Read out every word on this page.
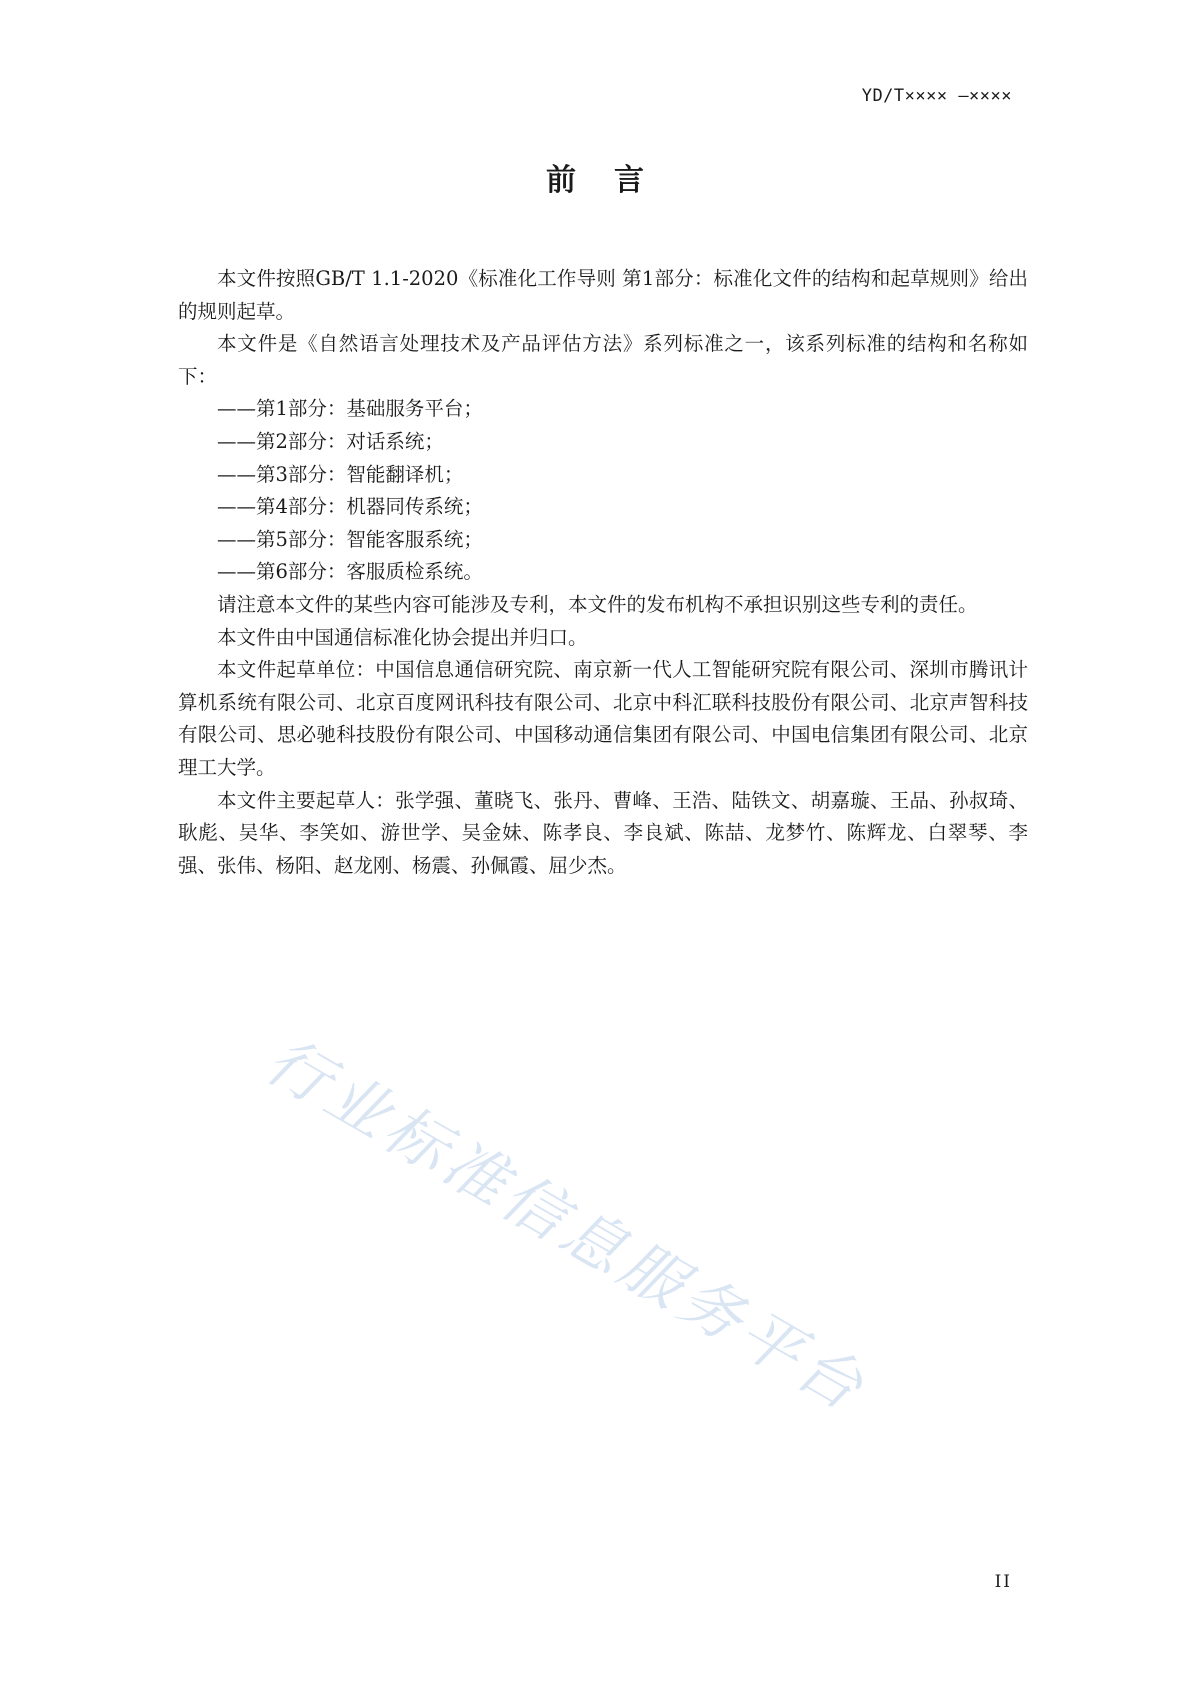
YD/T×××× —××××
前 言

本文件按照GB/T 1.1-2020《标准化工作导则 第1部分：标准化文件的结构和起草规则》给出的规则起草。

本文件是《自然语言处理技术及产品评估方法》系列标准之一，该系列标准的结构和名称如下：

——第1部分：基础服务平台；

——第2部分：对话系统；

——第3部分：智能翻译机；

——第4部分：机器同传系统；

——第5部分：智能客服系统；

——第6部分：客服质检系统。

请注意本文件的某些内容可能涉及专利，本文件的发布机构不承担识别这些专利的责任。

本文件由中国通信标准化协会提出并归口。

本文件起草单位：中国信息通信研究院、南京新一代人工智能研究院有限公司、深圳市腾讯计算机系统有限公司、北京百度网讯科技有限公司、北京中科汇联科技股份有限公司、北京声智科技有限公司、思必驰科技股份有限公司、中国移动通信集团有限公司、中国电信集团有限公司、北京理工大学。

本文件主要起草人：张学强、董晓飞、张丹、曹峰、王浩、陆铁文、胡嘉璇、王品、孙叔琦、耿彪、吴华、李笑如、游世学、吴金妹、陈孝良、李良斌、陈喆、龙梦竹、陈辉龙、白翠琴、李强、张伟、杨阳、赵龙刚、杨震、孙佩霞、屈少杰。

行业标准信息服务平台
II
